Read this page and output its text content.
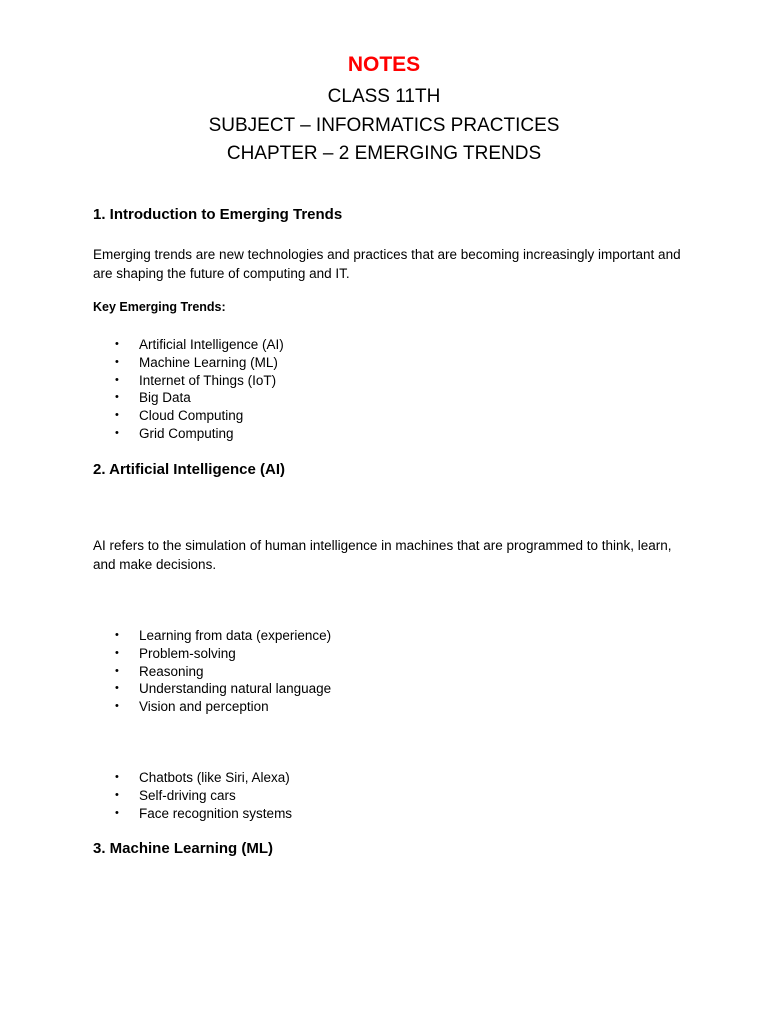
NOTES
CLASS 11TH
SUBJECT – INFORMATICS PRACTICES
CHAPTER – 2 EMERGING TRENDS
1. Introduction to Emerging Trends
Emerging trends are new technologies and practices that are becoming increasingly important and are shaping the future of computing and IT.
Key Emerging Trends:
• Artificial Intelligence (AI)
• Machine Learning (ML)
• Internet of Things (IoT)
• Big Data
• Cloud Computing
• Grid Computing
2. Artificial Intelligence (AI)
AI refers to the simulation of human intelligence in machines that are programmed to think, learn, and make decisions.
• Learning from data (experience)
• Problem-solving
• Reasoning
• Understanding natural language
• Vision and perception
• Chatbots (like Siri, Alexa)
• Self-driving cars
• Face recognition systems
3. Machine Learning (ML)
